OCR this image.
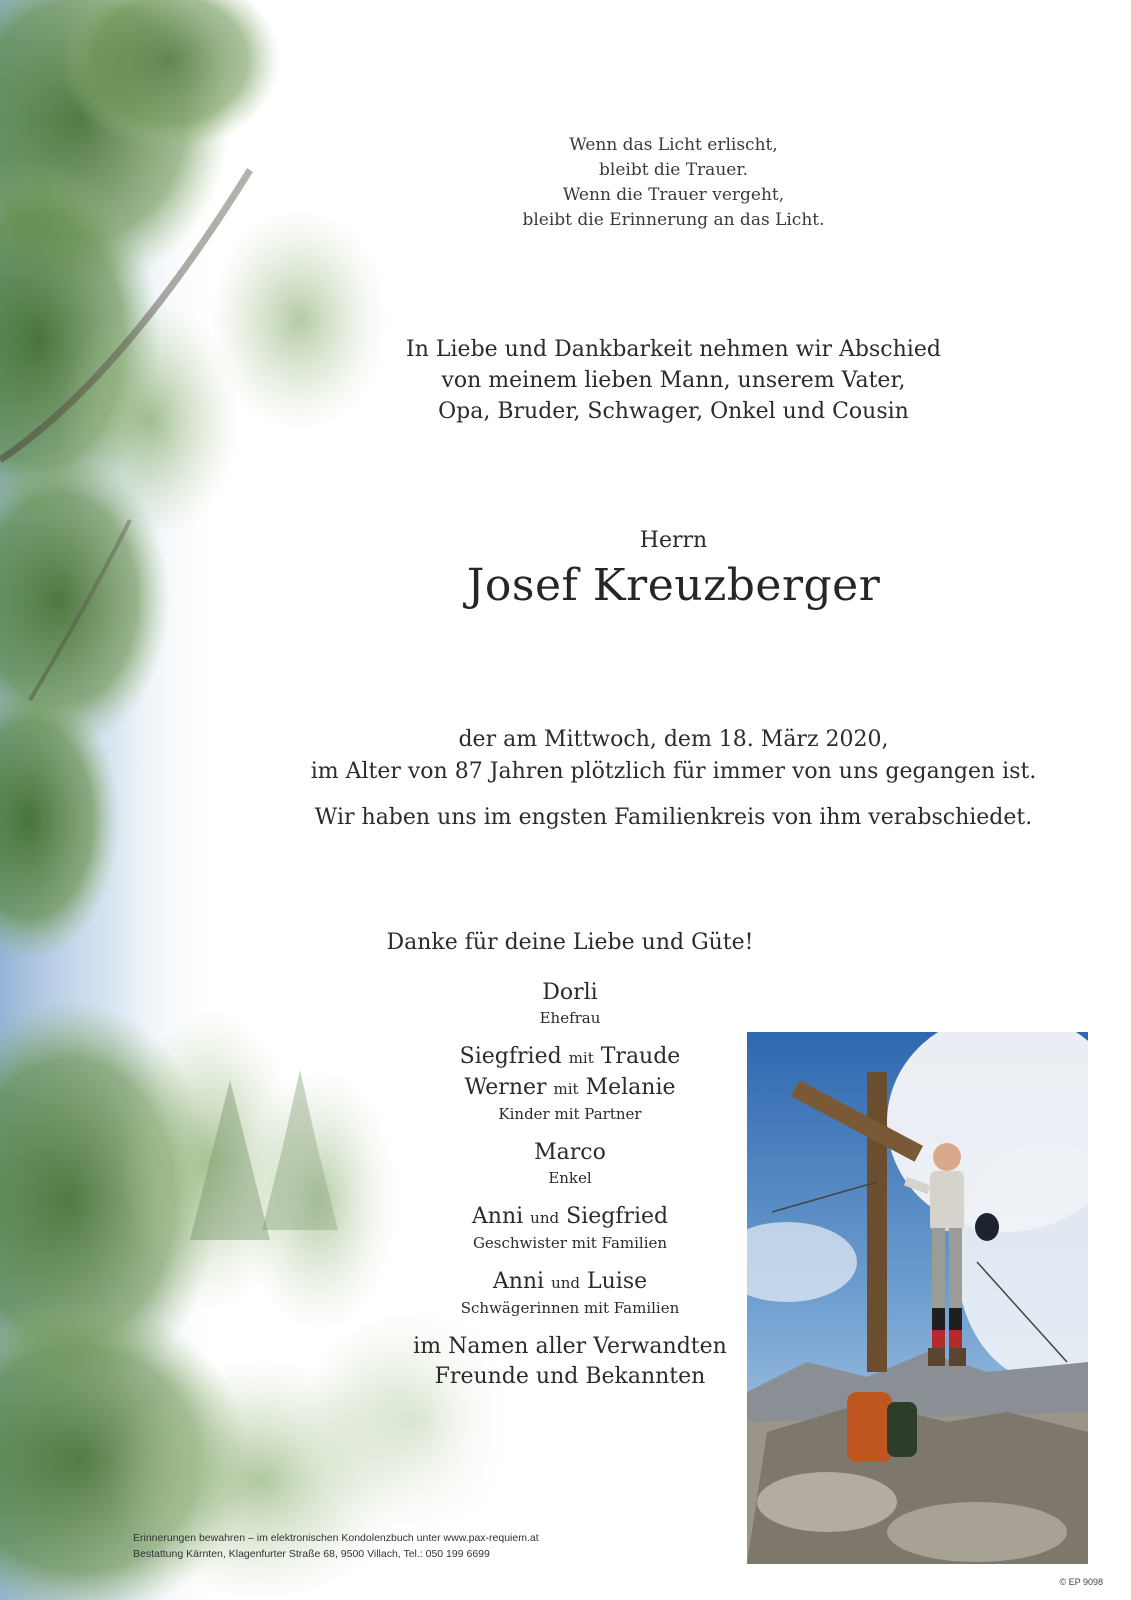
Wenn das Licht erlischt,
bleibt die Trauer.
Wenn die Trauer vergeht,
bleibt die Erinnerung an das Licht.
In Liebe und Dankbarkeit nehmen wir Abschied
von meinem lieben Mann, unserem Vater,
Opa, Bruder, Schwager, Onkel und Cousin
Herrn
Josef Kreuzberger
der am Mittwoch, dem 18. März 2020,
im Alter von 87 Jahren plötzlich für immer von uns gegangen ist.
Wir haben uns im engsten Familienkreis von ihm verabschiedet.
Danke für deine Liebe und Güte!
Dorli
Ehefrau
Siegfried mit Traude
Werner mit Melanie
Kinder mit Partner
Marco
Enkel
Anni und Siegfried
Geschwister mit Familien
Anni und Luise
Schwägerinnen mit Familien
im Namen aller Verwandten
Freunde und Bekannten
Erinnerungen bewahren – im elektronischen Kondolenzbuch unter www.pax-requiem.at
Bestattung Kärnten, Klagenfurter Straße 68, 9500 Villach, Tel.: 050 199 6699
© EP 9098
